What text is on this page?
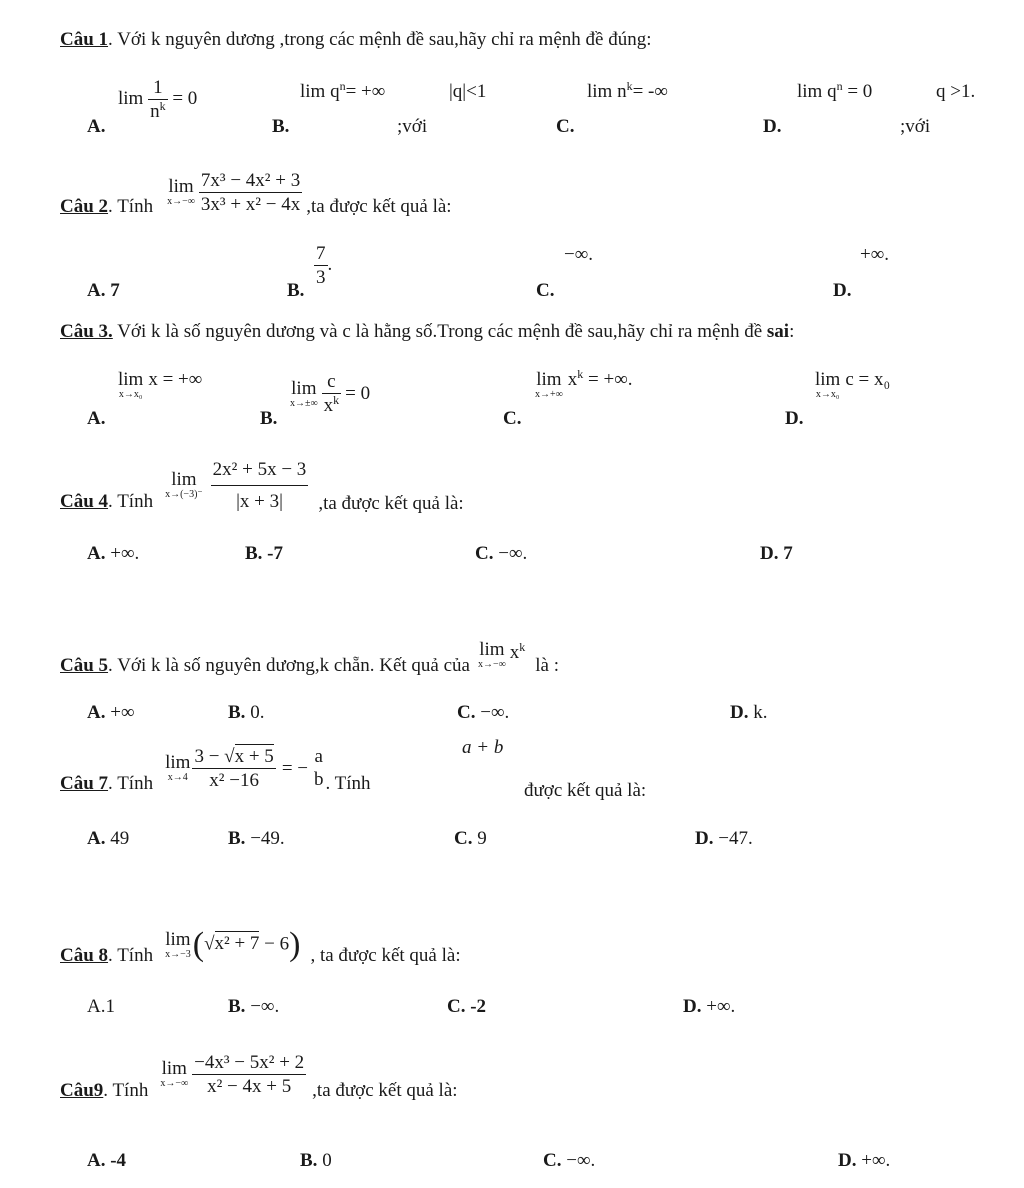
Câu 1. Với k nguyên dương ,trong các mệnh đề sau,hãy chỉ ra mệnh đề đúng:
A.
$\lim \frac{1}{n^k} = 0$
B.
$\lim q^n=$ +∞	|q|<1
;với	C.
$\lim n^k=$ -∞
D.
$\lim q^n = 0$	q >1.
;với
Câu 2 . Tính
lim
$x\to-\infty \frac{\text{7x³ − 4x² + 3}}{\text{3x³ + x² − 4x}} ,ta$ được kết quả là:
A. 7	B.
$\frac{7}{3}$ .
C.
−∞.
D.
+∞.
Câu 3. Với k là số nguyên dương và c là hằng số.Trong các mệnh đề sau,hãy chỉ ra mệnh đề sai:
A.
lim
x→x₀
x = +∞
B.
lim
$x\to\pm\infty \frac{c}{x^k} = 0$
C.
lim
x→+∞
$x^k$ = +∞.
D.
lim
x→x₀
c = x₀
Câu 4 . Tính
lim
$x\to(-3)^- \frac{\text{2x² + 5x − 3}}{|x + 3|} ,ta$ được kết quả là:
A. +∞.	B. -7	C. −∞.	D. 7
Câu 5 . Với k là số nguyên dương,k chẵn. Kết quả của
lim
x→−∞
$x^k$
là :
A. +∞	B. 0.	C. −∞.	D. k.
Câu 7 . Tính
lim
$x\to 4 \frac{3 - √x + 5}{\text{x² −16}}$ = −
a
b . Tính
a + b
được kết quả là:
A. 49	B. −49.	C. 9	D. −47.
Câu 8 . Tính
lim
x→−3 (√x² + 7 − 6) , ta được kết quả là:
A.1	B. −∞.	C. -2	D. +∞.
Câu9 . Tính
lim
$x\to-\infty \frac{\text{−4x³ − 5x² + 2}}{\text{x² − 4x + 5}} ,ta$ được kết quả là:
A. -4	B. 0	C. −∞.	D. +∞.
